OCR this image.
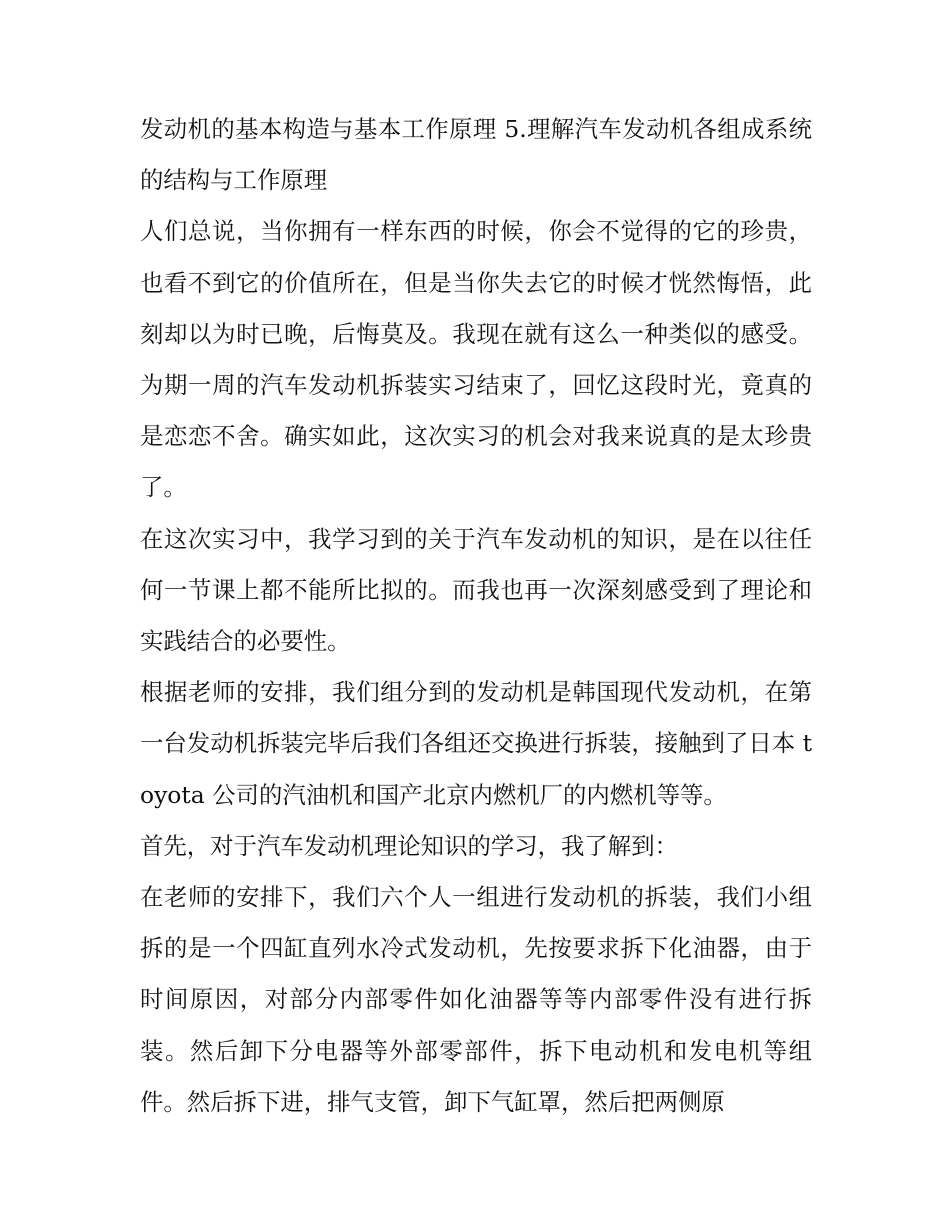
发动机的基本构造与基本工作原理 5.理解汽车发动机各组成系统的结构与工作原理

人们总说，当你拥有一样东西的时候，你会不觉得的它的珍贵，也看不到它的价值所在，但是当你失去它的时候才恍然悔悟，此刻却以为时已晚，后悔莫及。我现在就有这么一种类似的感受。为期一周的汽车发动机拆装实习结束了，回忆这段时光，竟真的是恋恋不舍。确实如此，这次实习的机会对我来说真的是太珍贵了。

在这次实习中，我学习到的关于汽车发动机的知识，是在以往任何一节课上都不能所比拟的。而我也再一次深刻感受到了理论和实践结合的必要性。

根据老师的安排，我们组分到的发动机是韩国现代发动机，在第一台发动机拆装完毕后我们各组还交换进行拆装，接触到了日本 toyota 公司的汽油机和国产北京内燃机厂的内燃机等等。

首先，对于汽车发动机理论知识的学习，我了解到：

在老师的安排下，我们六个人一组进行发动机的拆装，我们小组拆的是一个四缸直列水冷式发动机，先按要求拆下化油器，由于时间原因，对部分内部零件如化油器等等内部零件没有进行拆装。然后卸下分电器等外部零部件，拆下电动机和发电机等组件。然后拆下进，排气支管，卸下气缸罩，然后把两侧原
